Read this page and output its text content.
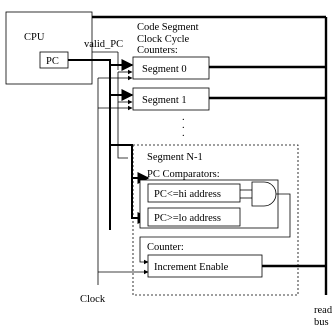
CPU
PC
valid_PC
Code Segment
Clock Cycle
Counters:
Segment 0
Segment 1
.
.
.
Segment N-1
PC Comparators:
PC<=hi address
PC>=lo address
Counter:
Increment Enable
Clock
read
bus
